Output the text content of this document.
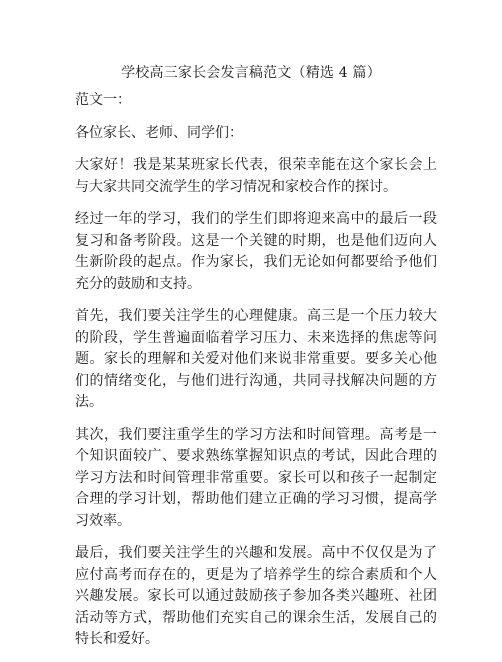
学校高三家长会发言稿范文（精选 4 篇）

范文一：

各位家长、老师、同学们：

大家好！我是某某班家长代表，很荣幸能在这个家长会上与大家共同交流学生的学习情况和家校合作的探讨。

经过一年的学习，我们的学生们即将迎来高中的最后一段复习和备考阶段。这是一个关键的时期，也是他们迈向人生新阶段的起点。作为家长，我们无论如何都要给予他们充分的鼓励和支持。

首先，我们要关注学生的心理健康。高三是一个压力较大的阶段，学生普遍面临着学习压力、未来选择的焦虑等问题。家长的理解和关爱对他们来说非常重要。要多关心他们的情绪变化，与他们进行沟通，共同寻找解决问题的方法。

其次，我们要注重学生的学习方法和时间管理。高考是一个知识面较广、要求熟练掌握知识点的考试，因此合理的学习方法和时间管理非常重要。家长可以和孩子一起制定合理的学习计划，帮助他们建立正确的学习习惯，提高学习效率。

最后，我们要关注学生的兴趣和发展。高中不仅仅是为了应付高考而存在的，更是为了培养学生的综合素质和个人兴趣发展。家长可以通过鼓励孩子参加各类兴趣班、社团活动等方式，帮助他们充实自己的课余生活，发展自己的特长和爱好。
